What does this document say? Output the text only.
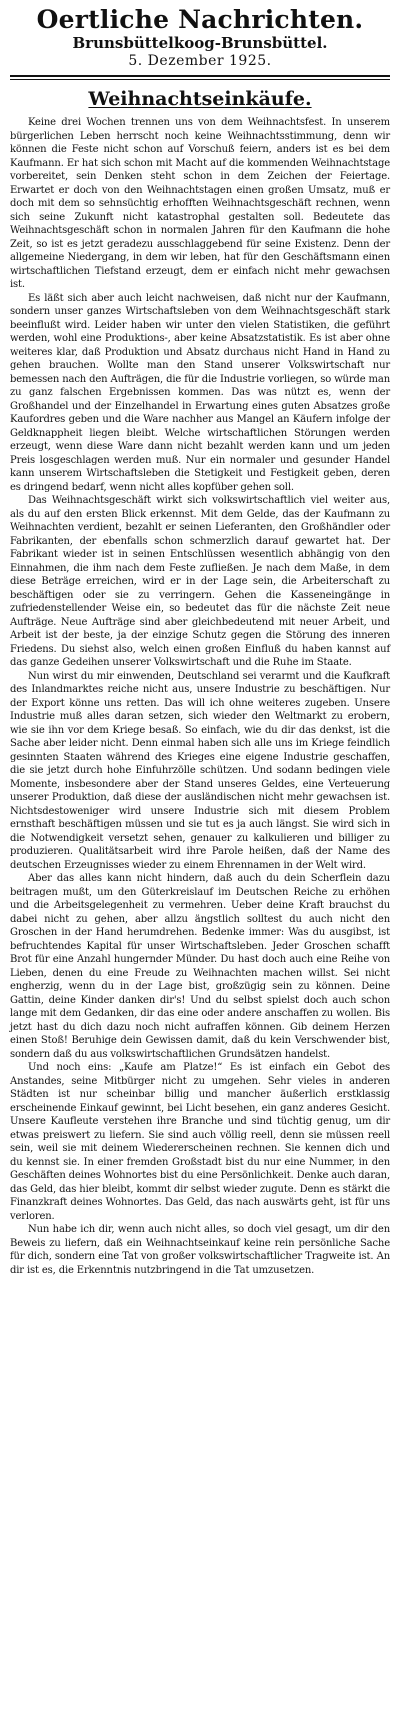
Oertliche Nachrichten.
Brunsbüttelkoog-Brunsbüttel.
5. Dezember 1925.
Weihnachtseinkäufe.

Keine drei Wochen trennen uns von dem Weihnachtsfest. In unserem bürgerlichen Leben herrscht noch keine Weihnachtsstimmung, denn wir können die Feste nicht schon auf Vorschuß feiern, anders ist es bei dem Kaufmann. Er hat sich schon mit Macht auf die kommenden Weihnachtstage vorbereitet, sein Denken steht schon in dem Zeichen der Feiertage. Erwartet er doch von den Weihnachtstagen einen großen Umsatz, muß er doch mit dem so sehnsüchtig erhofften Weihnachtsgeschäft rechnen, wenn sich seine Zukunft nicht katastrophal gestalten soll. Bedeutete das Weihnachtsgeschäft schon in normalen Jahren für den Kaufmann die hohe Zeit, so ist es jetzt geradezu ausschlaggebend für seine Existenz. Denn der allgemeine Niedergang, in dem wir leben, hat für den Geschäftsmann einen wirtschaftlichen Tiefstand erzeugt, dem er einfach nicht mehr gewachsen ist.

Es läßt sich aber auch leicht nachweisen, daß nicht nur der Kaufmann, sondern unser ganzes Wirtschaftsleben von dem Weihnachtsgeschäft stark beeinflußt wird. Leider haben wir unter den vielen Statistiken, die geführt werden, wohl eine Produktions-, aber keine Absatzstatistik. Es ist aber ohne weiteres klar, daß Produktion und Absatz durchaus nicht Hand in Hand zu gehen brauchen. Wollte man den Stand unserer Volkswirtschaft nur bemessen nach den Aufträgen, die für die Industrie vorliegen, so würde man zu ganz falschen Ergebnissen kommen. Das was nützt es, wenn der Großhandel und der Einzelhandel in Erwartung eines guten Absatzes große Kaufordres geben und die Ware nachher aus Mangel an Käufern infolge der Geldknappheit liegen bleibt. Welche wirtschaftlichen Störungen werden erzeugt, wenn diese Ware dann nicht bezahlt werden kann und um jeden Preis losgeschlagen werden muß. Nur ein normaler und gesunder Handel kann unserem Wirtschaftsleben die Stetigkeit und Festigkeit geben, deren es dringend bedarf, wenn nicht alles kopfüber gehen soll.

Das Weihnachtsgeschäft wirkt sich volkswirtschaftlich viel weiter aus, als du auf den ersten Blick erkennst. Mit dem Gelde, das der Kaufmann zu Weihnachten verdient, bezahlt er seinen Lieferanten, den Großhändler oder Fabrikanten, der ebenfalls schon schmerzlich darauf gewartet hat. Der Fabrikant wieder ist in seinen Entschlüssen wesentlich abhängig von den Einnahmen, die ihm nach dem Feste zufließen. Je nach dem Maße, in dem diese Beträge erreichen, wird er in der Lage sein, die Arbeiterschaft zu beschäftigen oder sie zu verringern. Gehen die Kasseneingänge in zufriedenstellender Weise ein, so bedeutet das für die nächste Zeit neue Aufträge. Neue Aufträge sind aber gleichbedeutend mit neuer Arbeit, und Arbeit ist der beste, ja der einzige Schutz gegen die Störung des inneren Friedens. Du siehst also, welch einen großen Einfluß du haben kannst auf das ganze Gedeihen unserer Volkswirtschaft und die Ruhe im Staate.

Nun wirst du mir einwenden, Deutschland sei verarmt und die Kaufkraft des Inlandmarktes reiche nicht aus, unsere Industrie zu beschäftigen. Nur der Export könne uns retten. Das will ich ohne weiteres zugeben. Unsere Industrie muß alles daran setzen, sich wieder den Weltmarkt zu erobern, wie sie ihn vor dem Kriege besaß. So einfach, wie du dir das denkst, ist die Sache aber leider nicht. Denn einmal haben sich alle uns im Kriege feindlich gesinnten Staaten während des Krieges eine eigene Industrie geschaffen, die sie jetzt durch hohe Einfuhrzölle schützen. Und sodann bedingen viele Momente, insbesondere aber der Stand unseres Geldes, eine Verteuerung unserer Produktion, daß diese der ausländischen nicht mehr gewachsen ist. Nichtsdestoweniger wird unsere Industrie sich mit diesem Problem ernsthaft beschäftigen müssen und sie tut es ja auch längst. Sie wird sich in die Notwendigkeit versetzt sehen, genauer zu kalkulieren und billiger zu produzieren. Qualitätsarbeit wird ihre Parole heißen, daß der Name des deutschen Erzeugnisses wieder zu einem Ehrennamen in der Welt wird.

Aber das alles kann nicht hindern, daß auch du dein Scherflein dazu beitragen mußt, um den Güterkreislauf im Deutschen Reiche zu erhöhen und die Arbeitsgelegenheit zu vermehren. Ueber deine Kraft brauchst du dabei nicht zu gehen, aber allzu ängstlich solltest du auch nicht den Groschen in der Hand herumdrehen. Bedenke immer: Was du ausgibst, ist befruchtendes Kapital für unser Wirtschaftsleben. Jeder Groschen schafft Brot für eine Anzahl hungernder Münder. Du hast doch auch eine Reihe von Lieben, denen du eine Freude zu Weihnachten machen willst. Sei nicht engherzig, wenn du in der Lage bist, großzügig sein zu können. Deine Gattin, deine Kinder danken dir's! Und du selbst spielst doch auch schon lange mit dem Gedanken, dir das eine oder andere anschaffen zu wollen. Bis jetzt hast du dich dazu noch nicht aufraffen können. Gib deinem Herzen einen Stoß! Beruhige dein Gewissen damit, daß du kein Verschwender bist, sondern daß du aus volkswirtschaftlichen Grundsätzen handelst.

Und noch eins: „Kaufe am Platze!“ Es ist einfach ein Gebot des Anstandes, seine Mitbürger nicht zu umgehen. Sehr vieles in anderen Städten ist nur scheinbar billig und mancher äußerlich erstklassig erscheinende Einkauf gewinnt, bei Licht besehen, ein ganz anderes Gesicht. Unsere Kaufleute verstehen ihre Branche und sind tüchtig genug, um dir etwas preiswert zu liefern. Sie sind auch völlig reell, denn sie müssen reell sein, weil sie mit deinem Wiedererscheinen rechnen. Sie kennen dich und du kennst sie. In einer fremden Großstadt bist du nur eine Nummer, in den Geschäften deines Wohnortes bist du eine Persönlichkeit. Denke auch daran, das Geld, das hier bleibt, kommt dir selbst wieder zugute. Denn es stärkt die Finanzkraft deines Wohnortes. Das Geld, das nach auswärts geht, ist für uns verloren.

Nun habe ich dir, wenn auch nicht alles, so doch viel gesagt, um dir den Beweis zu liefern, daß ein Weihnachtseinkauf keine rein persönliche Sache für dich, sondern eine Tat von großer volkswirtschaftlicher Tragweite ist. An dir ist es, die Erkenntnis nutzbringend in die Tat umzusetzen.
